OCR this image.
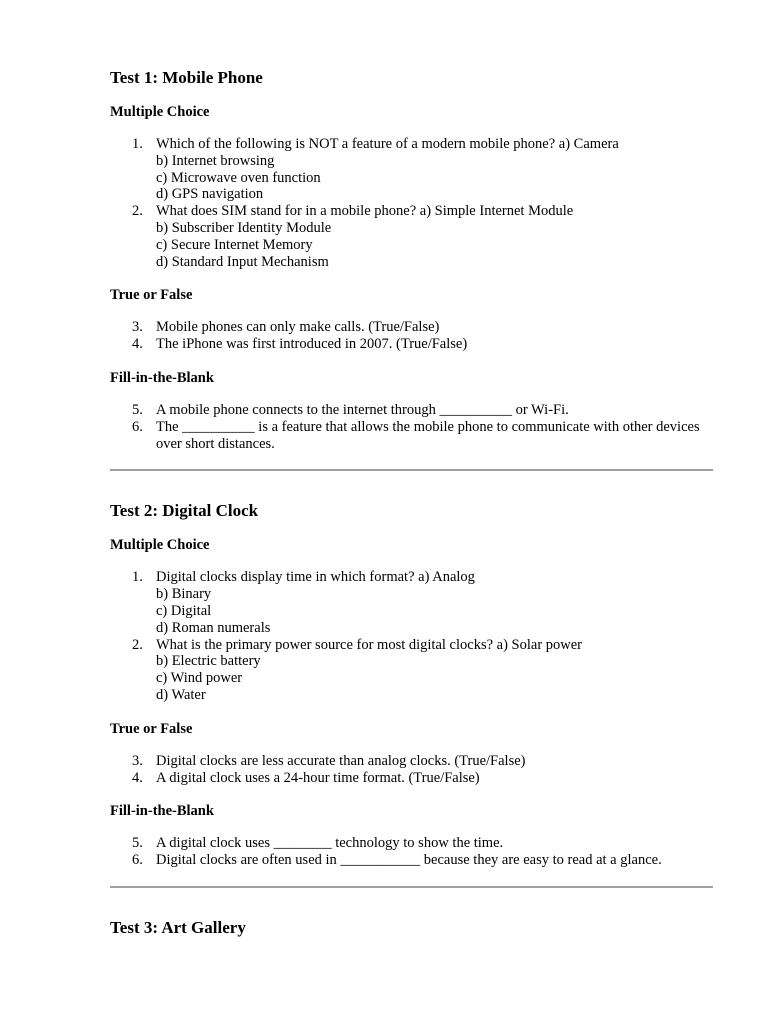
Test 1: Mobile Phone
Multiple Choice
1. Which of the following is NOT a feature of a modern mobile phone? a) Camera
b) Internet browsing
c) Microwave oven function
d) GPS navigation
2. What does SIM stand for in a mobile phone? a) Simple Internet Module
b) Subscriber Identity Module
c) Secure Internet Memory
d) Standard Input Mechanism
True or False
3. Mobile phones can only make calls. (True/False)
4. The iPhone was first introduced in 2007. (True/False)
Fill-in-the-Blank
5. A mobile phone connects to the internet through __________ or Wi-Fi.
6. The __________ is a feature that allows the mobile phone to communicate with other devices over short distances.
Test 2: Digital Clock
Multiple Choice
1. Digital clocks display time in which format? a) Analog
b) Binary
c) Digital
d) Roman numerals
2. What is the primary power source for most digital clocks? a) Solar power
b) Electric battery
c) Wind power
d) Water
True or False
3. Digital clocks are less accurate than analog clocks. (True/False)
4. A digital clock uses a 24-hour time format. (True/False)
Fill-in-the-Blank
5. A digital clock uses ________ technology to show the time.
6. Digital clocks are often used in ___________ because they are easy to read at a glance.
Test 3: Art Gallery
